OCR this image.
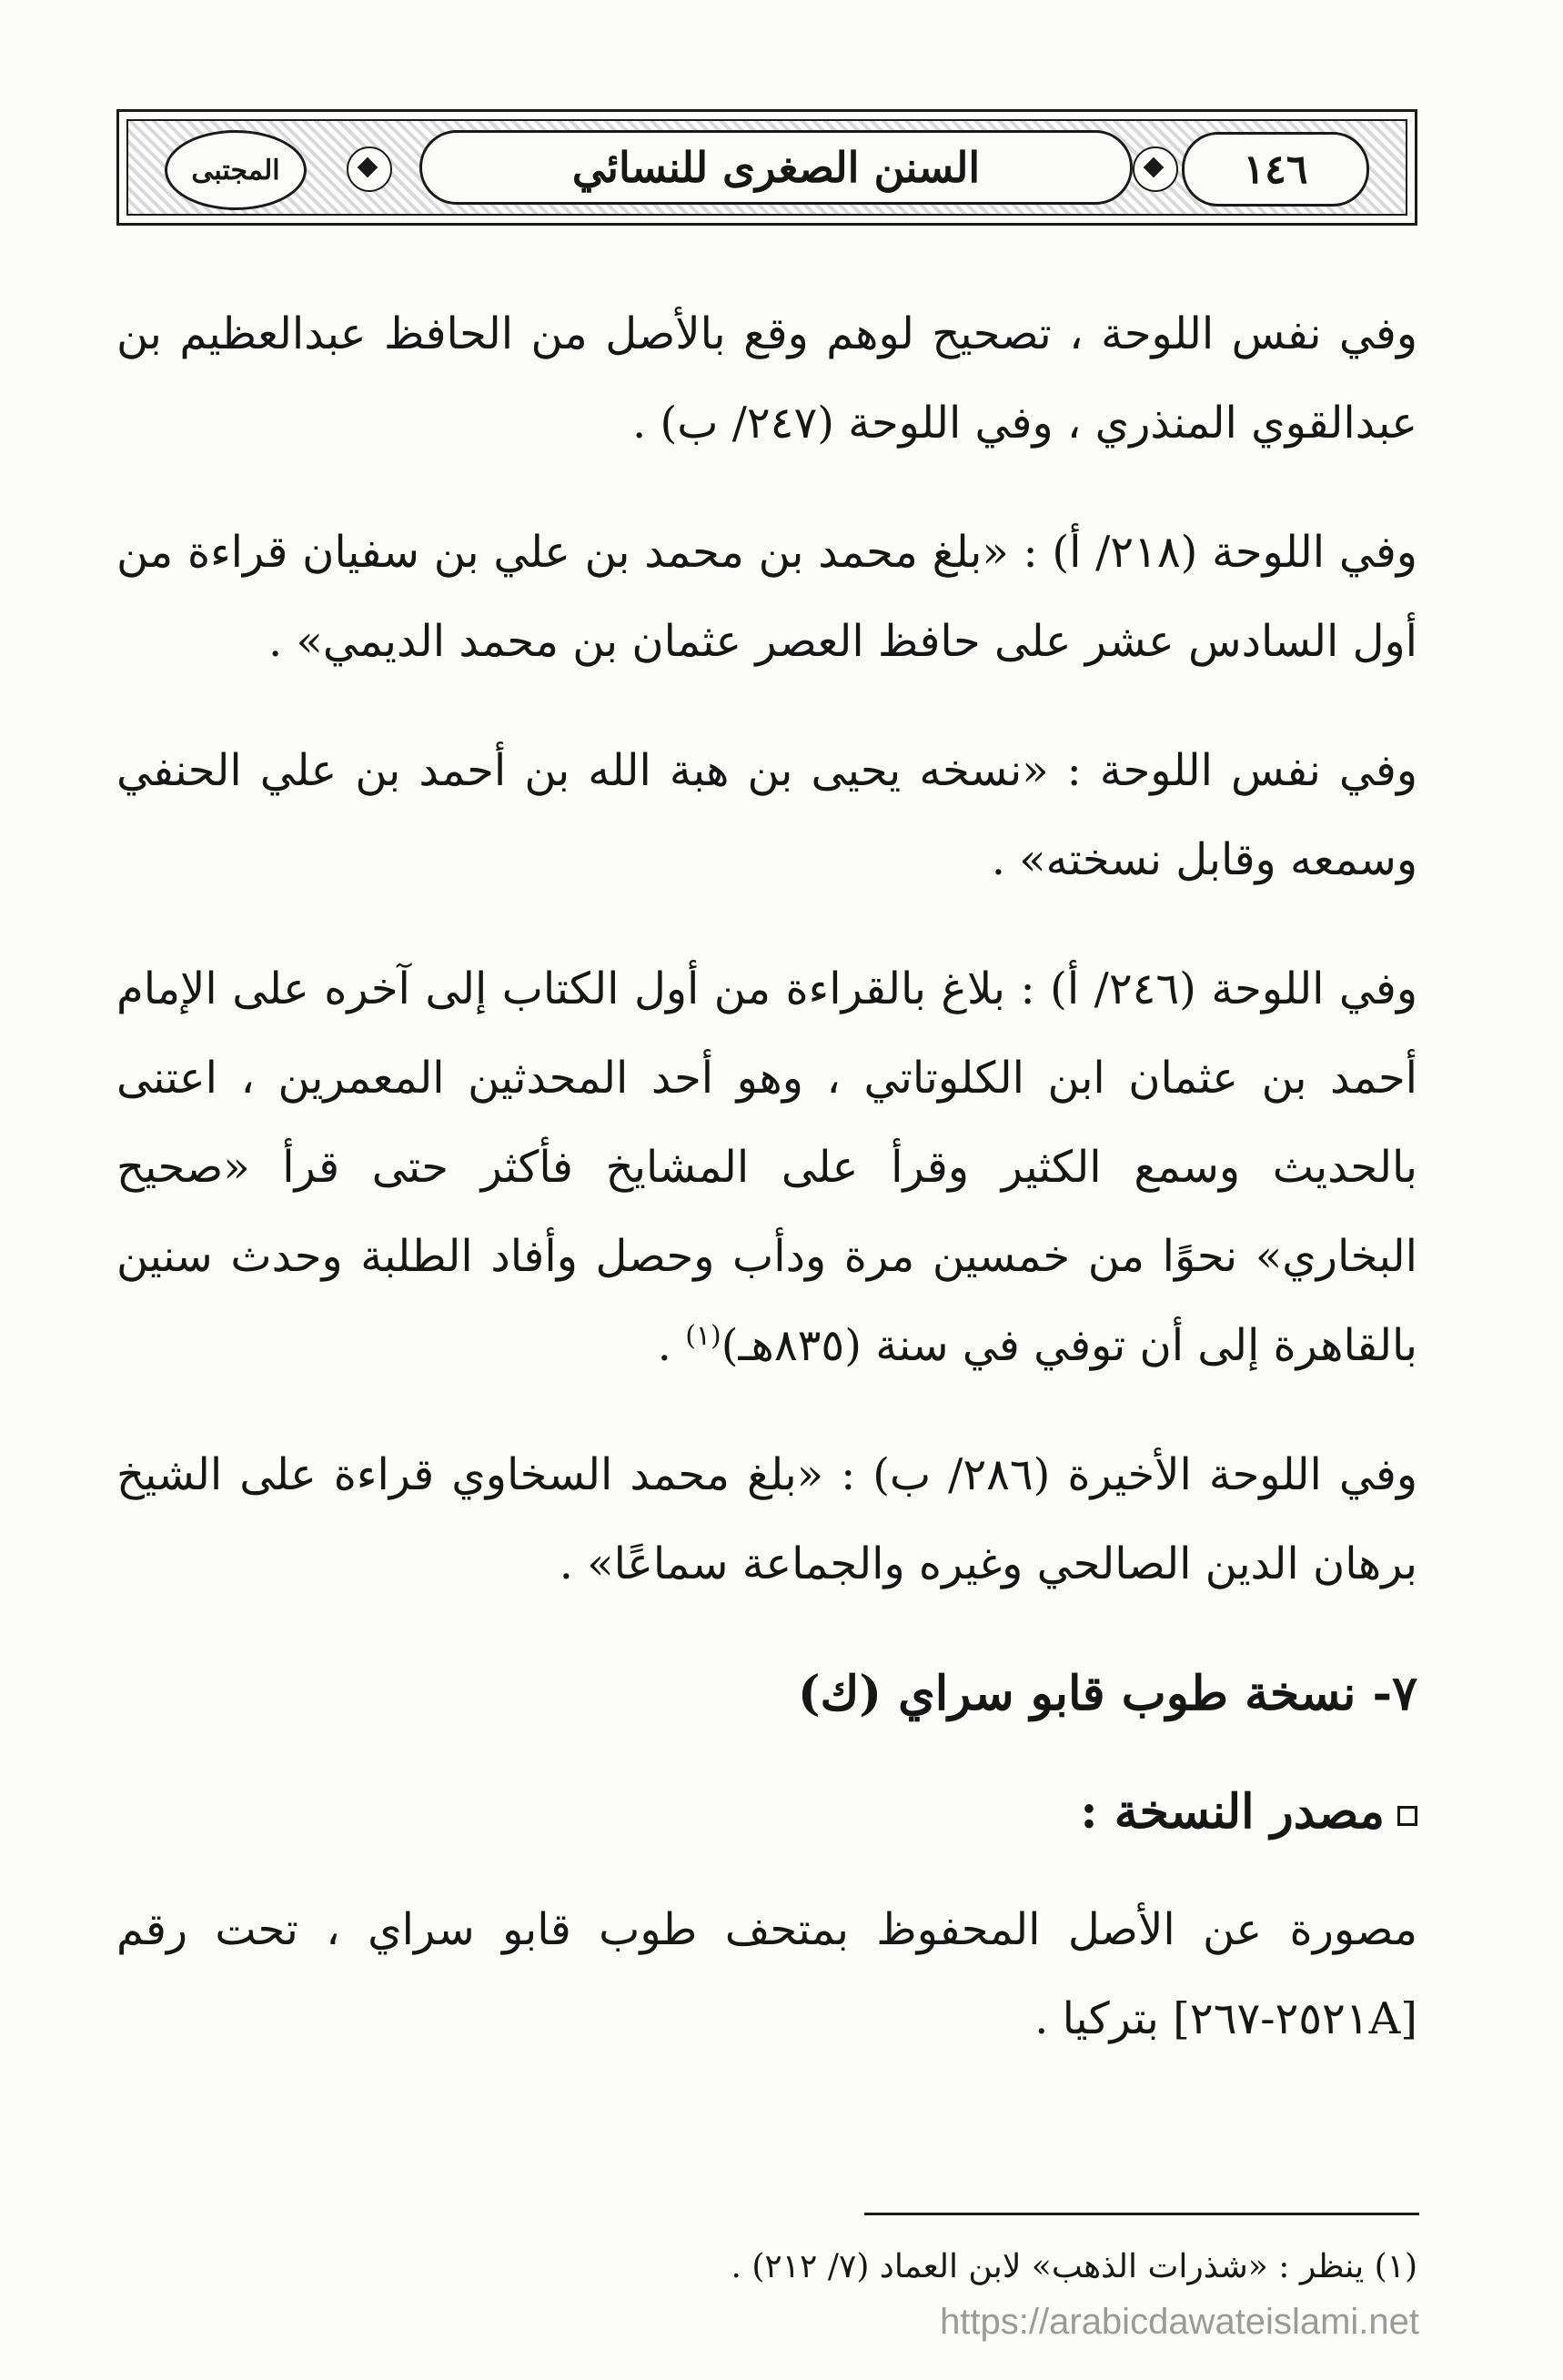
المجتبى	السنن الصغرى للنسائي	١٤٦

وفي نفس اللوحة ، تصحيح لوهم وقع بالأصل من الحافظ عبدالعظيم بن عبدالقوي المنذري ، وفي اللوحة (٢٤٧/ ب) .

وفي اللوحة (٢١٨/ أ) : «بلغ محمد بن محمد بن علي بن سفيان قراءة من أول السادس عشر على حافظ العصر عثمان بن محمد الديمي» .

وفي نفس اللوحة : «نسخه يحيى بن هبة الله بن أحمد بن علي الحنفي وسمعه وقابل نسخته» .

وفي اللوحة (٢٤٦/ أ) : بلاغ بالقراءة من أول الكتاب إلى آخره على الإمام أحمد بن عثمان ابن الكلوتاتي ، وهو أحد المحدثين المعمرين ، اعتنى بالحديث وسمع الكثير وقرأ على المشايخ فأكثر حتى قرأ «صحيح البخاري» نحوًا من خمسين مرة ودأب وحصل وأفاد الطلبة وحدث سنين بالقاهرة إلى أن توفي في سنة (٨٣٥هـ)$^{(١)}$ .

وفي اللوحة الأخيرة (٢٨٦/ ب) : «بلغ محمد السخاوي قراءة على الشيخ برهان الدين الصالحي وغيره والجماعة سماعًا» .

٧- نسخة طوب قابو سراي (ك)

مصدر النسخة :

مصورة عن الأصل المحفوظ بمتحف طوب قابو سراي ، تحت رقم [٢٥٢١A-٢٦٧] بتركيا .

(١) ينظر : «شذرات الذهب» لابن العماد (٧/ ٢١٢) .
https://arabicdawateislami.net
